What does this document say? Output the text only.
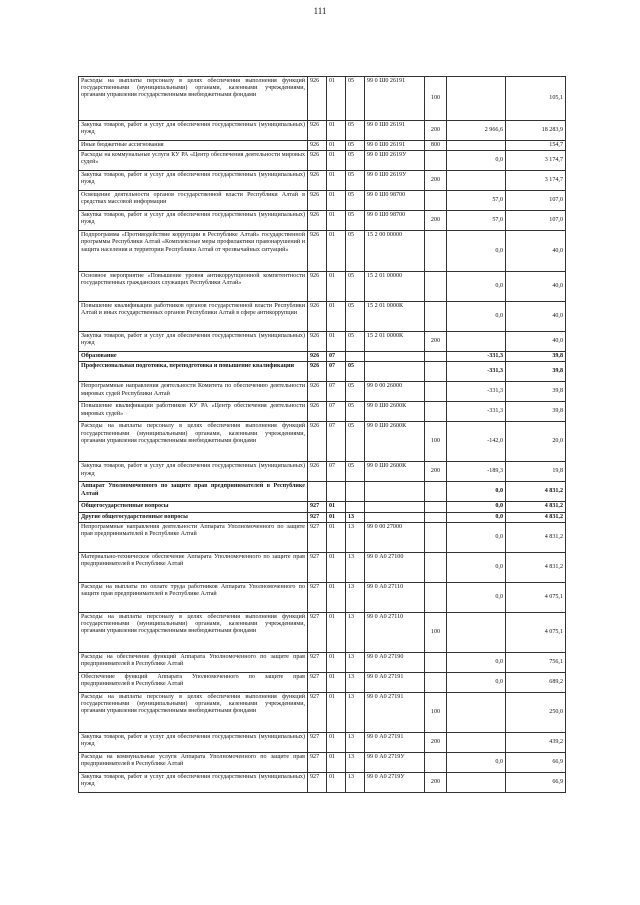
111
Расходы на выплаты персоналу в целях обеспечения выполнения функций государственными (муниципальными) органами, казенными учреждениями, органами управления государственными внебюджетными фондами	926	01	05	99 0 Ш0 26191	100		105,1
Закупка товаров, работ и услуг для обеспечения государственных (муниципальных) нужд	926	01	05	99 0 Ш0 26191	200	2 966,6	18 283,9
Иные бюджетные ассигнования	926	01	05	99 0 Ш0 26191	800		154,7
Расходы на коммунальные услуги КУ РА «Центр обеспечения деятельности мировых судей»	926	01	05	99 0 Ш0 2619У		0,0	3 174,7
Закупка товаров, работ и услуг для обеспечения государственных (муниципальных) нужд	926	01	05	99 0 Ш0 2619У	200		3 174,7
Освещение деятельности органов государственной власти Республики Алтай в средствах массовой информации	926	01	05	99 0 Ш0 98700		57,0	107,0
Закупка товаров, работ и услуг для обеспечения государственных (муниципальных) нужд	926	01	05	99 0 Ш0 98700	200	57,0	107,0
Подпрограмма «Противодействие коррупции в Республике Алтай» государственной программы Республики Алтай «Комплексные меры профилактики правонарушений и защита населения и территории Республики Алтай от чрезвычайных ситуаций»	926	01	05	15 2 00 00000		0,0	40,0
Основное мероприятие «Повышение уровня антикоррупционной компетентности государственных гражданских служащих Республики Алтай»	926	01	05	15 2 01 00000		0,0	40,0
Повышение квалификации работников органов государственной власти Республики Алтай и иных государственных органов Республики Алтай в сфере антикоррупции	926	01	05	15 2 01 0000К		0,0	40,0
Закупка товаров, работ и услуг для обеспечения государственных (муниципальных) нужд	926	01	05	15 2 01 0000К	200		40,0
Образование	926	07				-331,3	39,8
Профессиональная подготовка, переподготовка и повышение квалификации	926	07	05			-331,3	39,8
Непрограммные направления деятельности Комитета по обеспечению деятельности мировых судей Республики Алтай	926	07	05	99 0 00 26000		-331,3	39,8
Повышение квалификации работников КУ РА «Центр обеспечения деятельности мировых судей»	926	07	05	99 0 Ш0 2600К		-331,3	39,8
Расходы на выплаты персоналу в целях обеспечения выполнения функций государственными (муниципальными) органами, казенными учреждениями, органами управления государственными внебюджетными фондами	926	07	05	99 0 Ш0 2600К	100	-142,0	20,0
Закупка товаров, работ и услуг для обеспечения государственных (муниципальных) нужд	926	07	05	99 0 Ш0 2600К	200	-189,3	19,8
Аппарат Уполномоченного по защите прав предпринимателей в Республике Алтай						0,0	4 831,2
Общегосударственные вопросы	927	01				0,0	4 831,2
Другие общегосударственные вопросы	927	01	13			0,0	4 831,2
Непрограммные направления деятельности Аппарата Уполномоченного по защите прав предпринимателей в Республике Алтай	927	01	13	99 0 00 27000		0,0	4 831,2
Материально-техническое обеспечение Аппарата Уполномоченного по защите прав предпринимателей в Республике Алтай	927	01	13	99 0 А0 27100		0,0	4 831,2
Расходы на выплаты по оплате труда работников Аппарата Уполномоченного по защите прав предпринимателей в Республике Алтай	927	01	13	99 0 А0 27110		0,0	4 075,1
Расходы на выплаты персоналу в целях обеспечения выполнения функций государственными (муниципальными) органами, казенными учреждениями, органами управления государственными внебюджетными фондами	927	01	13	99 0 А0 27110	100		4 075,1
Расходы на обеспечение функций Аппарата Уполномоченного по защите прав предпринимателей в Республике Алтай	927	01	13	99 0 А0 27190		0,0	756,1
Обеспечение функций Аппарата Уполномоченного по защите прав предпринимателей в Республике Алтай	927	01	13	99 0 А0 27191		0,0	689,2
Расходы на выплаты персоналу в целях обеспечения выполнения функций государственными (муниципальными) органами, казенными учреждениями, органами управления государственными внебюджетными фондами	927	01	13	99 0 А0 27191	100		250,0
Закупка товаров, работ и услуг для обеспечения государственных (муниципальных) нужд	927	01	13	99 0 А0 27191	200		439,2
Расходы на коммунальные услуги Аппарата Уполномоченного по защите прав предпринимателей в Республике Алтай	927	01	13	99 0 А0 2719У		0,0	66,9
Закупка товаров, работ и услуг для обеспечения государственных (муниципальных) нужд	927	01	13	99 0 А0 2719У	200		66,9
